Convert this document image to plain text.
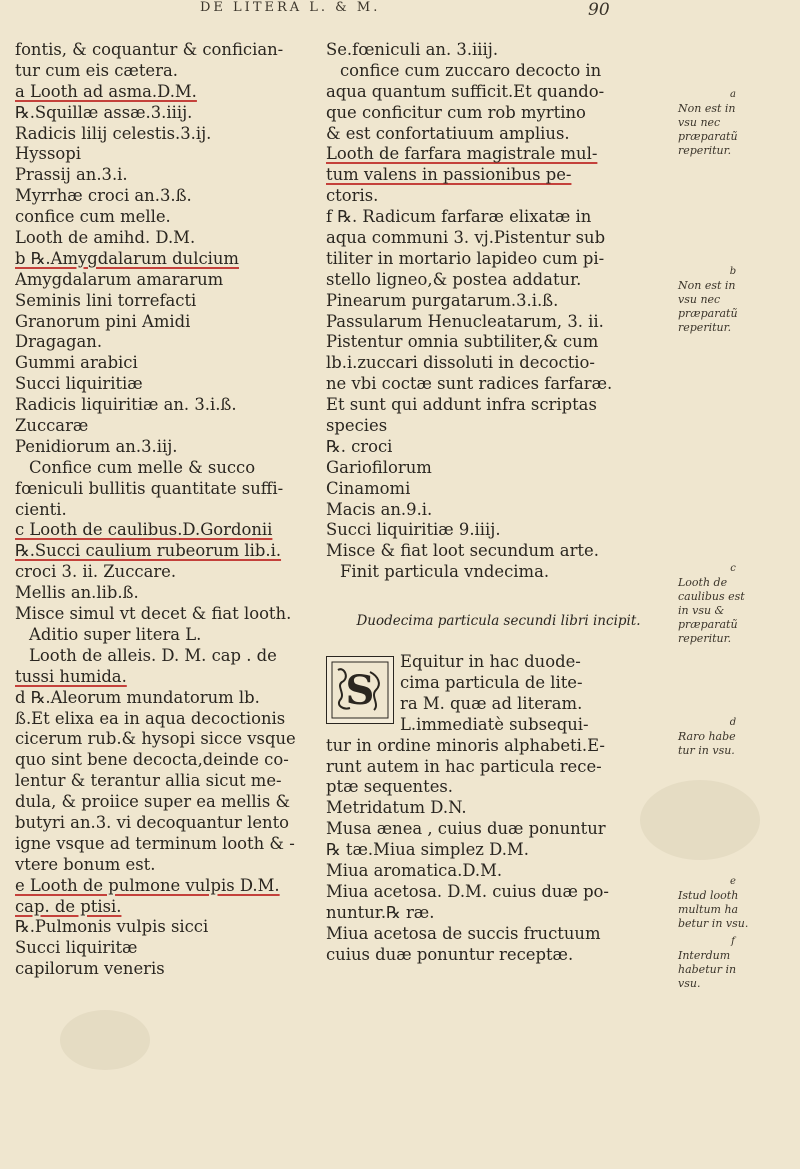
DE LITERA L. & M.	90
fontis, & coquantur & confician-
tur cum eis cætera.
a Looth ad asma.D.M.
℞.Squillæ assæ.3.iiij.
Radicis lilij celestis.3.ij.
Hyssopi
Prassij an.3.i.
Myrrhæ croci an.3.ß.
confice cum melle.
Looth de amihd. D.M.
b ℞.Amygdalarum dulcium
Amygdalarum amararum
Seminis lini torrefacti
Granorum pini Amidi
Dragagan.
Gummi arabici
Succi liquiritiæ
Radicis liquiritiæ an. 3.i.ß.
Zuccaræ
Penidiorum an.3.iij.
Confice cum melle & succo
fœniculi bullitis quantitate suffi-
cienti.
c Looth de caulibus.D.Gordonii
℞.Succi caulium rubeorum lib.i.
croci 3. ii. Zuccare.
Mellis an.lib.ß.
Misce simul vt decet & fiat looth.
Aditio super litera L.
Looth de alleis. D. M. cap . de
tussi humida.
d ℞.Aleorum mundatorum lb.
ß.Et elixa ea in aqua decoctionis
cicerum rub.& hysopi sicce vsque
quo sint bene decocta,deinde co-
lentur & terantur allia sicut me-
dula, & proiice super ea mellis &
butyri an.3. vi decoquantur lento
igne vsque ad terminum looth & -
vtere bonum est.
e Looth de pulmone vulpis D.M.
cap. de ptisi.
℞.Pulmonis vulpis sicci
Succi liquiritæ
capilorum veneris
Se.fœniculi an. 3.iiij.
confice cum zuccaro decocto in
aqua quantum sufficit.Et quando-
que conficitur cum rob myrtino
& est confortatiuum amplius.
Looth de farfara magistrale mul-
tum valens in passionibus pe-
ctoris.
f ℞. Radicum farfaræ elixatæ in
aqua communi 3. vj.Pistentur sub
tiliter in mortario lapideo cum pi-
stello ligneo,& postea addatur.
Pinearum purgatarum.3.i.ß.
Passularum Henucleatarum, 3. ii.
Pistentur omnia subtiliter,& cum
lb.i.zuccari dissoluti in decoctio-
ne vbi coctæ sunt radices farfaræ.
Et sunt qui addunt infra scriptas
species
℞. croci
Gariofilorum
Cinamomi
Macis an.9.i.
Succi liquiritiæ 9.iiij.
Misce & fiat loot secundum arte.
Finit particula vndecima.
Duodecima particula secundi libri incipit.
S
Equitur in hac duode-
cima particula de lite-
ra M. quæ ad literam.
L.immediatè subsequi-
tur in ordine minoris alphabeti.E-
runt autem in hac particula rece-
ptæ sequentes.
Metridatum D.N.
Musa ænea , cuius duæ ponuntur
℞ tæ.Miua simplez D.M.
Miua aromatica.D.M.
Miua acetosa. D.M. cuius duæ po-
nuntur.℞ ræ.
Miua acetosa de succis fructuum
cuius duæ ponuntur receptæ.
a
Non est in
vsu nec
præparatũ
reperitur.
b
Non est in
vsu nec
præparatũ
reperitur.
c
Looth de
caulibus est
in vsu &
præparatũ
reperitur.
d
Raro habe
tur in vsu.
e
Istud looth
multum ha
betur in vsu.
f
Interdum
habetur in
vsu.
